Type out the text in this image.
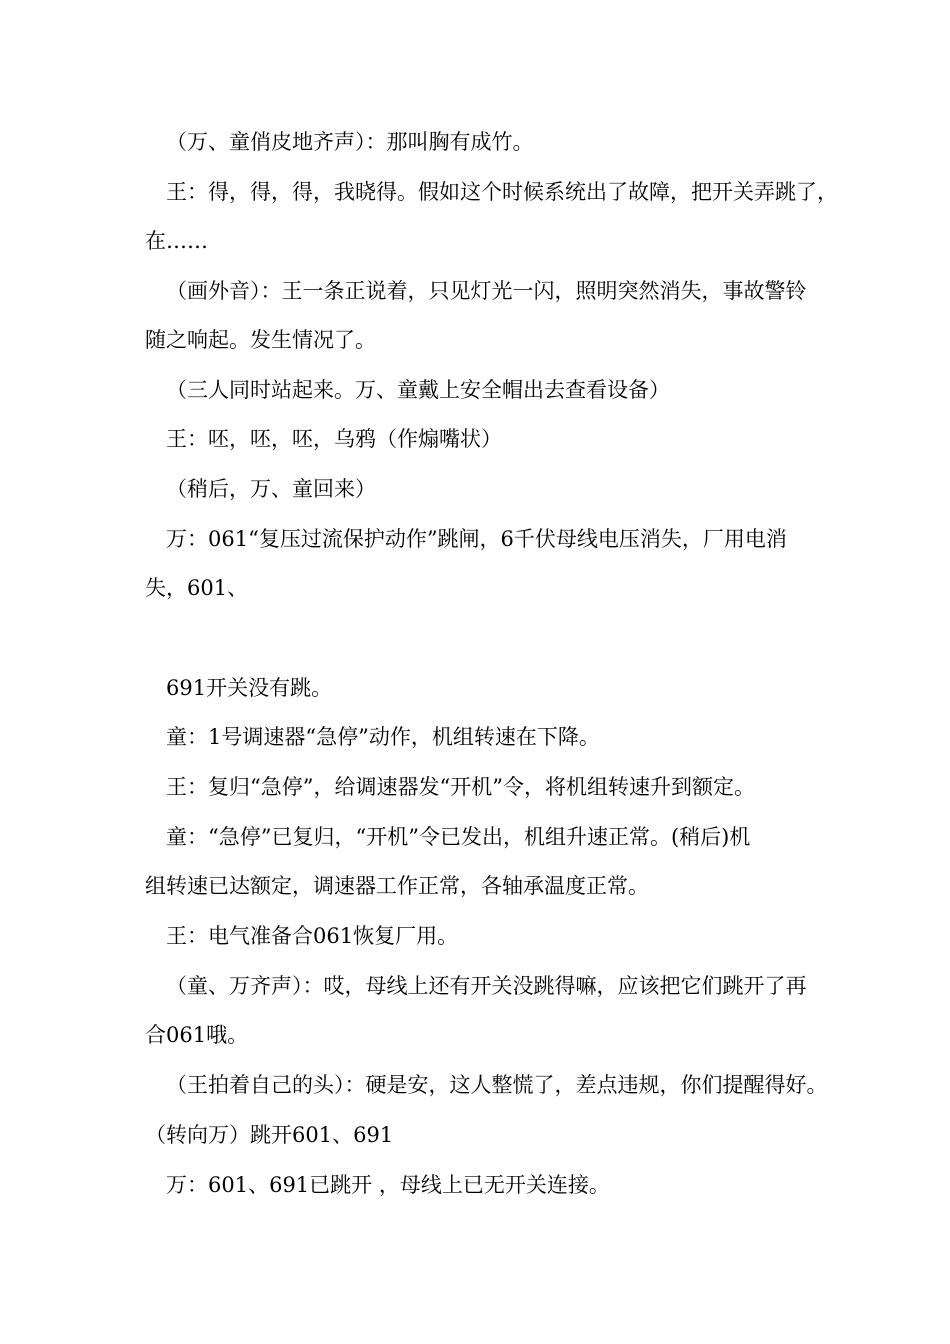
（万、童俏皮地齐声）：那叫胸有成竹。
王：得，得，得，我晓得。假如这个时候系统出了故障，把开关弄跳了，
在……
（画外音）：王一条正说着，只见灯光一闪，照明突然消失，事故警铃
随之响起。发生情况了。
（三人同时站起来。万、童戴上安全帽出去查看设备）
王：呸，呸，呸，乌鸦（作煽嘴状）
（稍后，万、童回来）
万：061“复压过流保护动作”跳闸，6千伏母线电压消失，厂用电消
失，601、
691开关没有跳。
童：1号调速器“急停”动作，机组转速在下降。
王：复归“急停”，给调速器发“开机”令，将机组转速升到额定。
童：“急停”已复归，“开机”令已发出，机组升速正常。(稍后)机
组转速已达额定，调速器工作正常，各轴承温度正常。
王：电气准备合061恢复厂用。
（童、万齐声）：哎，母线上还有开关没跳得嘛，应该把它们跳开了再
合061哦。
（王拍着自己的头）：硬是安，这人整慌了，差点违规，你们提醒得好。
（转向万）跳开601、691
万：601、691已跳开 ，母线上已无开关连接。
